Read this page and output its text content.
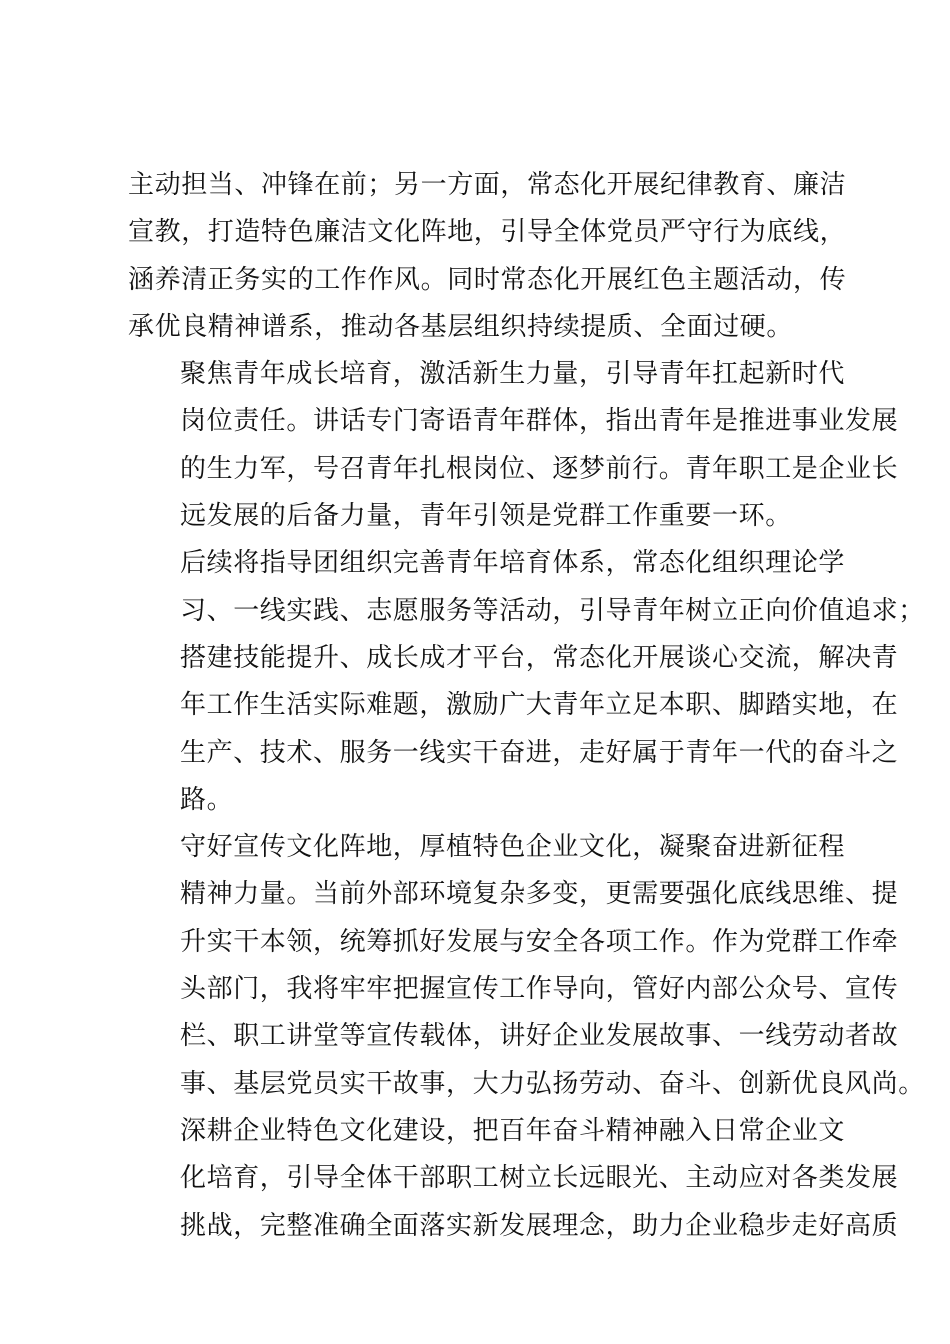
主动担当、冲锋在前；另一方面，常态化开展纪律教育、廉洁
宣教，打造特色廉洁文化阵地，引导全体党员严守行为底线，
涵养清正务实的工作作风。同时常态化开展红色主题活动，传
承优良精神谱系，推动各基层组织持续提质、全面过硬。
聚焦青年成长培育，激活新生力量，引导青年扛起新时代
岗位责任。讲话专门寄语青年群体，指出青年是推进事业发展
的生力军，号召青年扎根岗位、逐梦前行。青年职工是企业长
远发展的后备力量，青年引领是党群工作重要一环。
后续将指导团组织完善青年培育体系，常态化组织理论学
习、一线实践、志愿服务等活动，引导青年树立正向价值追求；
搭建技能提升、成长成才平台，常态化开展谈心交流，解决青
年工作生活实际难题，激励广大青年立足本职、脚踏实地，在
生产、技术、服务一线实干奋进，走好属于青年一代的奋斗之
路。
守好宣传文化阵地，厚植特色企业文化，凝聚奋进新征程
精神力量。当前外部环境复杂多变，更需要强化底线思维、提
升实干本领，统筹抓好发展与安全各项工作。作为党群工作牵
头部门，我将牢牢把握宣传工作导向，管好内部公众号、宣传
栏、职工讲堂等宣传载体，讲好企业发展故事、一线劳动者故
事、基层党员实干故事，大力弘扬劳动、奋斗、创新优良风尚。
深耕企业特色文化建设，把百年奋斗精神融入日常企业文
化培育，引导全体干部职工树立长远眼光、主动应对各类发展
挑战，完整准确全面落实新发展理念，助力企业稳步走好高质
